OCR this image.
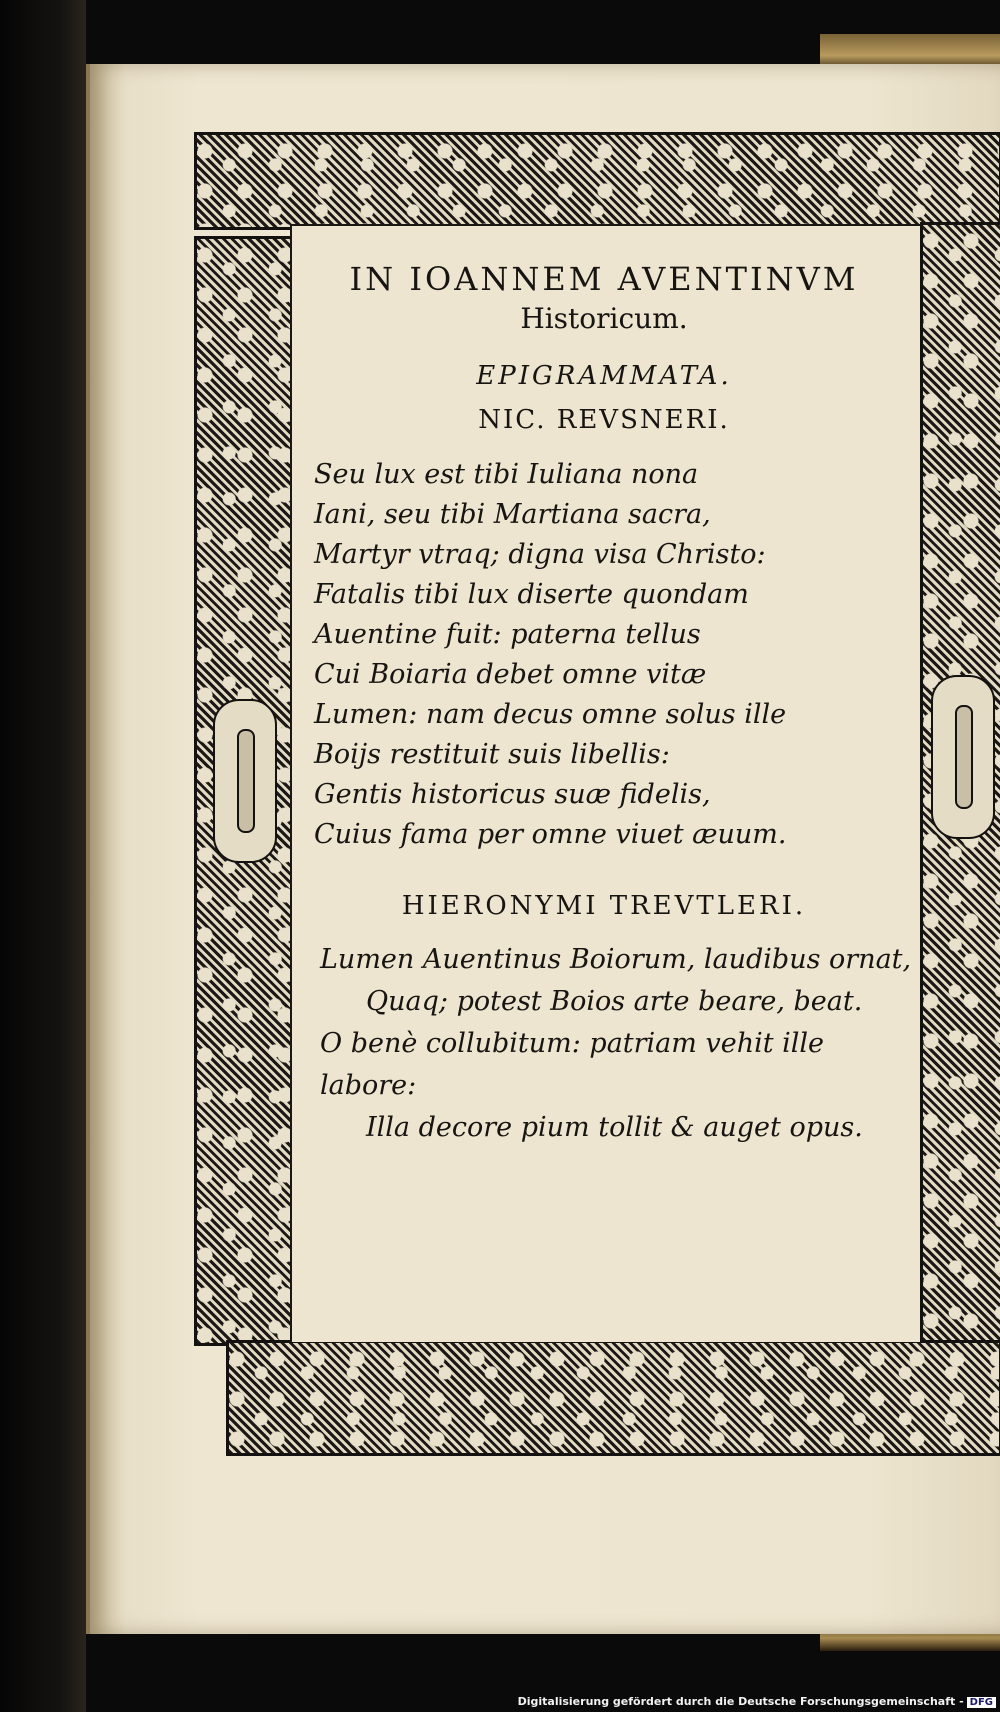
IN IOANNEM AVENTINVM
Historicum.
EPIGRAMMATA.
NIC. REVSNERI.
Seu lux est tibi Iuliana nona
Iani, seu tibi Martiana sacra,
Martyr vtraq; digna visa Christo:
Fatalis tibi lux diserte quondam
Auentine fuit: paterna tellus
Cui Boiaria debet omne vitæ
Lumen: nam decus omne solus ille
Boijs restituit suis libellis:
Gentis historicus suæ fidelis,
Cuius fama per omne viuet æuum.
HIERONYMI TREVTLERI.
Lumen Auentinus Boiorum, laudibus ornat,
Quaq; potest Boios arte beare, beat.
O benè collubitum: patriam vehit ille labore:
Illa decore pium tollit & auget opus.
Digitalisierung gefördert durch die Deutsche Forschungsgemeinschaft - DFG
